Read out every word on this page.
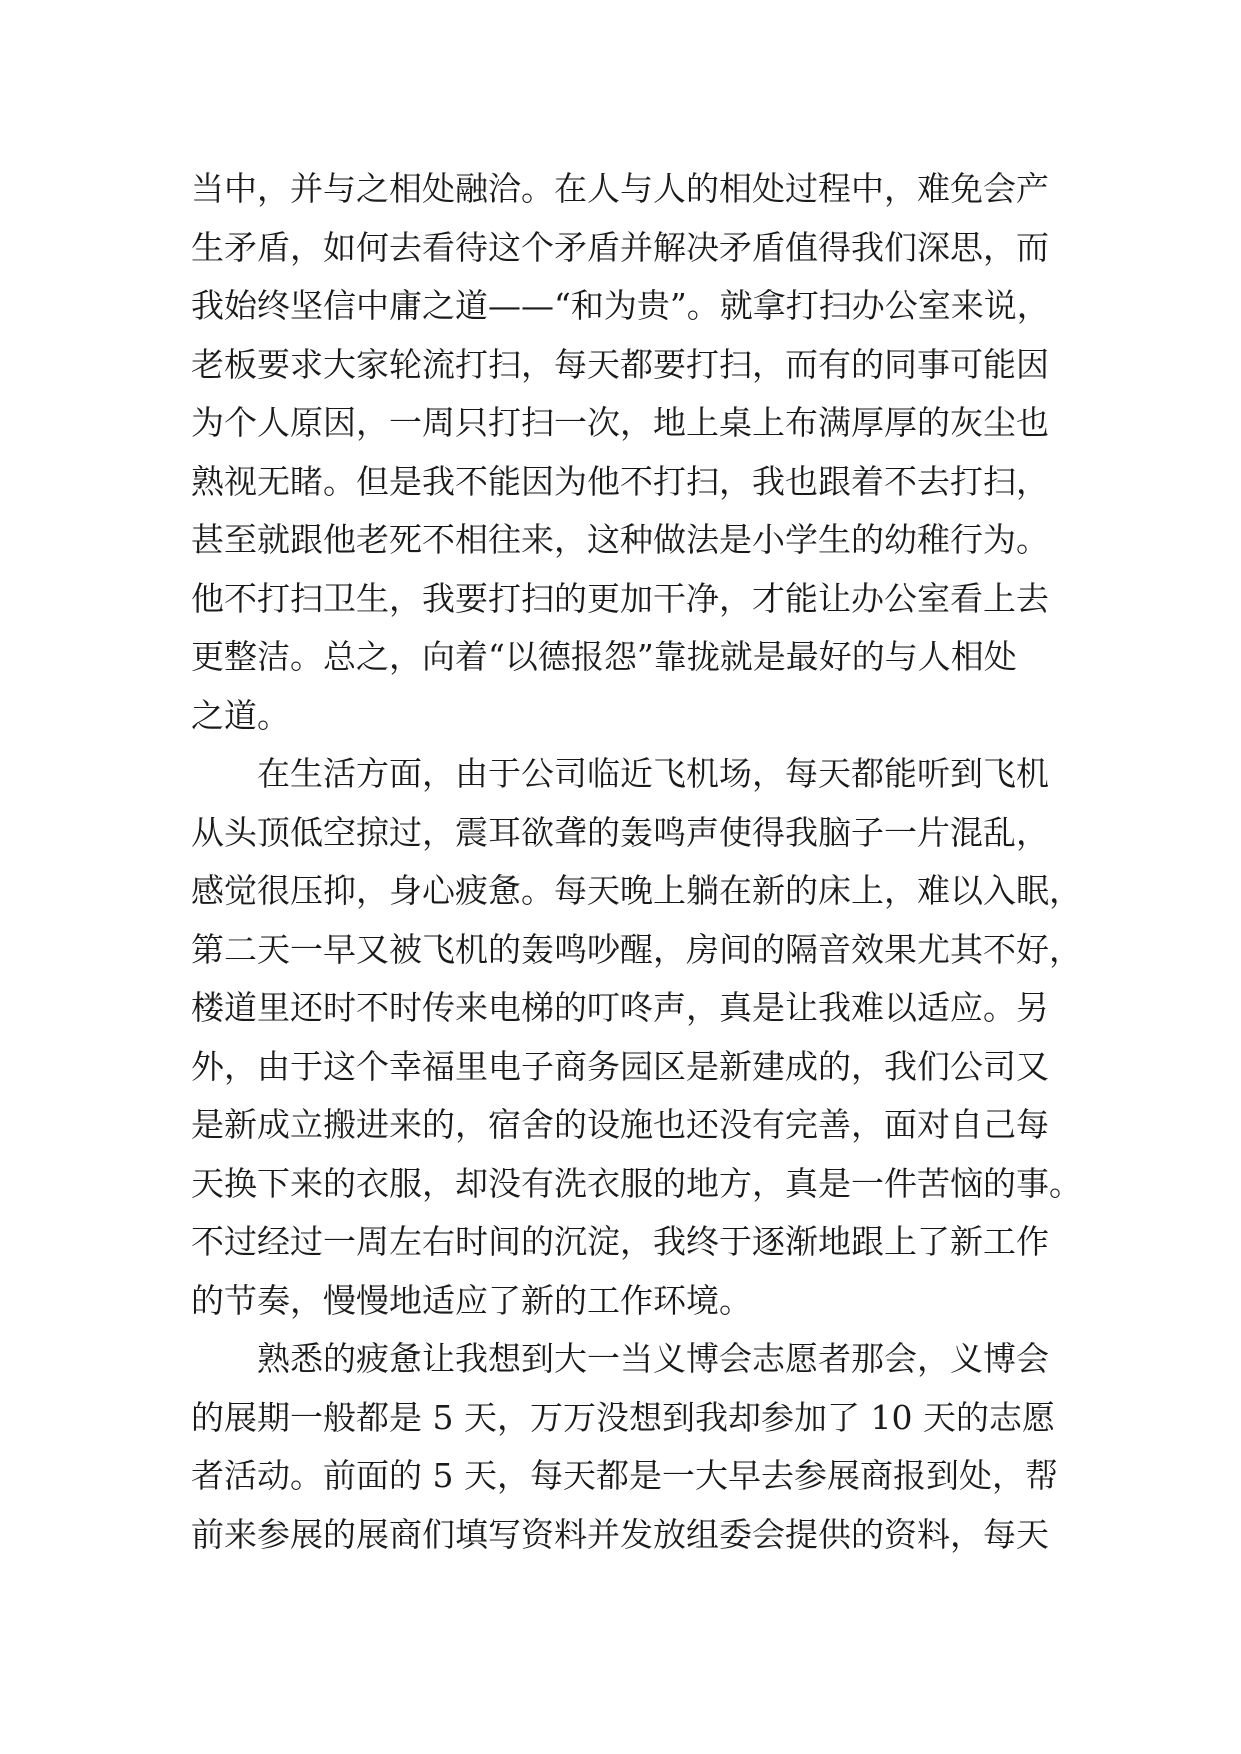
当中，并与之相处融洽。在人与人的相处过程中，难免会产
生矛盾，如何去看待这个矛盾并解决矛盾值得我们深思，而
我始终坚信中庸之道——“和为贵”。就拿打扫办公室来说，
老板要求大家轮流打扫，每天都要打扫，而有的同事可能因
为个人原因，一周只打扫一次，地上桌上布满厚厚的灰尘也
熟视无睹。但是我不能因为他不打扫，我也跟着不去打扫，
甚至就跟他老死不相往来，这种做法是小学生的幼稚行为。
他不打扫卫生，我要打扫的更加干净，才能让办公室看上去
更整洁。总之，向着“以德报怨”靠拢就是最好的与人相处
之道。
　　在生活方面，由于公司临近飞机场，每天都能听到飞机
从头顶低空掠过，震耳欲聋的轰鸣声使得我脑子一片混乱，
感觉很压抑，身心疲惫。每天晚上躺在新的床上，难以入眠，
第二天一早又被飞机的轰鸣吵醒，房间的隔音效果尤其不好，
楼道里还时不时传来电梯的叮咚声，真是让我难以适应。另
外，由于这个幸福里电子商务园区是新建成的，我们公司又
是新成立搬进来的，宿舍的设施也还没有完善，面对自己每
天换下来的衣服，却没有洗衣服的地方，真是一件苦恼的事。
不过经过一周左右时间的沉淀，我终于逐渐地跟上了新工作
的节奏，慢慢地适应了新的工作环境。
　　熟悉的疲惫让我想到大一当义博会志愿者那会，义博会
的展期一般都是 5 天，万万没想到我却参加了 10 天的志愿
者活动。前面的 5 天，每天都是一大早去参展商报到处，帮
前来参展的展商们填写资料并发放组委会提供的资料，每天
